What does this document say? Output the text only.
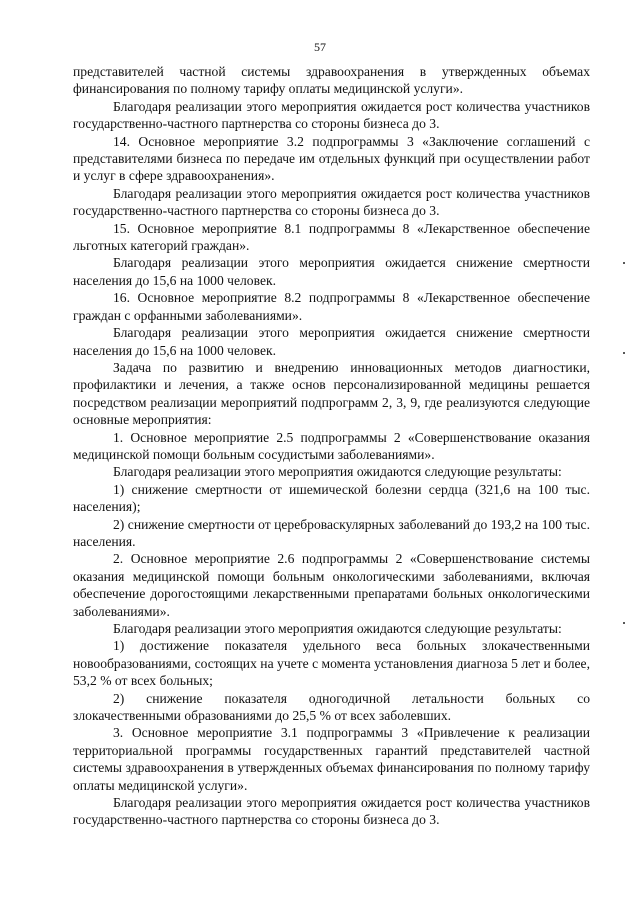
57

представителей частной системы здравоохранения в утвержденных объемах финансирования по полному тарифу оплаты медицинской услуги».

Благодаря реализации этого мероприятия ожидается рост количества участников государственно-частного партнерства со стороны бизнеса до 3.

14. Основное мероприятие 3.2 подпрограммы 3 «Заключение соглашений с представителями бизнеса по передаче им отдельных функций при осуществлении работ и услуг в сфере здравоохранения».

Благодаря реализации этого мероприятия ожидается рост количества участников государственно-частного партнерства со стороны бизнеса до 3.

15. Основное мероприятие 8.1 подпрограммы 8 «Лекарственное обеспечение льготных категорий граждан».

Благодаря реализации этого мероприятия ожидается снижение смертности населения до 15,6 на 1000 человек.

16. Основное мероприятие 8.2 подпрограммы 8 «Лекарственное обеспечение граждан с орфанными заболеваниями».

Благодаря реализации этого мероприятия ожидается снижение смертности населения до 15,6 на 1000 человек.

Задача по развитию и внедрению инновационных методов диагностики, профилактики и лечения, а также основ персонализированной медицины решается посредством реализации мероприятий подпрограмм 2, 3, 9, где реализуются следующие основные мероприятия:

1. Основное мероприятие 2.5 подпрограммы 2 «Совершенствование оказания медицинской помощи больным сосудистыми заболеваниями».

Благодаря реализации этого мероприятия ожидаются следующие результаты:

1) снижение смертности от ишемической болезни сердца (321,6 на 100 тыс. населения);

2) снижение смертности от цереброваскулярных заболеваний до 193,2 на 100 тыс. населения.

2. Основное мероприятие 2.6 подпрограммы 2 «Совершенствование системы оказания медицинской помощи больным онкологическими заболеваниями, включая обеспечение дорогостоящими лекарственными препаратами больных онкологическими заболеваниями».

Благодаря реализации этого мероприятия ожидаются следующие результаты:

1) достижение показателя удельного веса больных злокачественными новообразованиями, состоящих на учете с момента установления диагноза 5 лет и более, 53,2 % от всех больных;

2) снижение показателя одногодичной летальности больных со злокачественными образованиями до 25,5 % от всех заболевших.

3. Основное мероприятие 3.1 подпрограммы 3 «Привлечение к реализации территориальной программы государственных гарантий представителей частной системы здравоохранения в утвержденных объемах финансирования по полному тарифу оплаты медицинской услуги».

Благодаря реализации этого мероприятия ожидается рост количества участников государственно-частного партнерства со стороны бизнеса до 3.
